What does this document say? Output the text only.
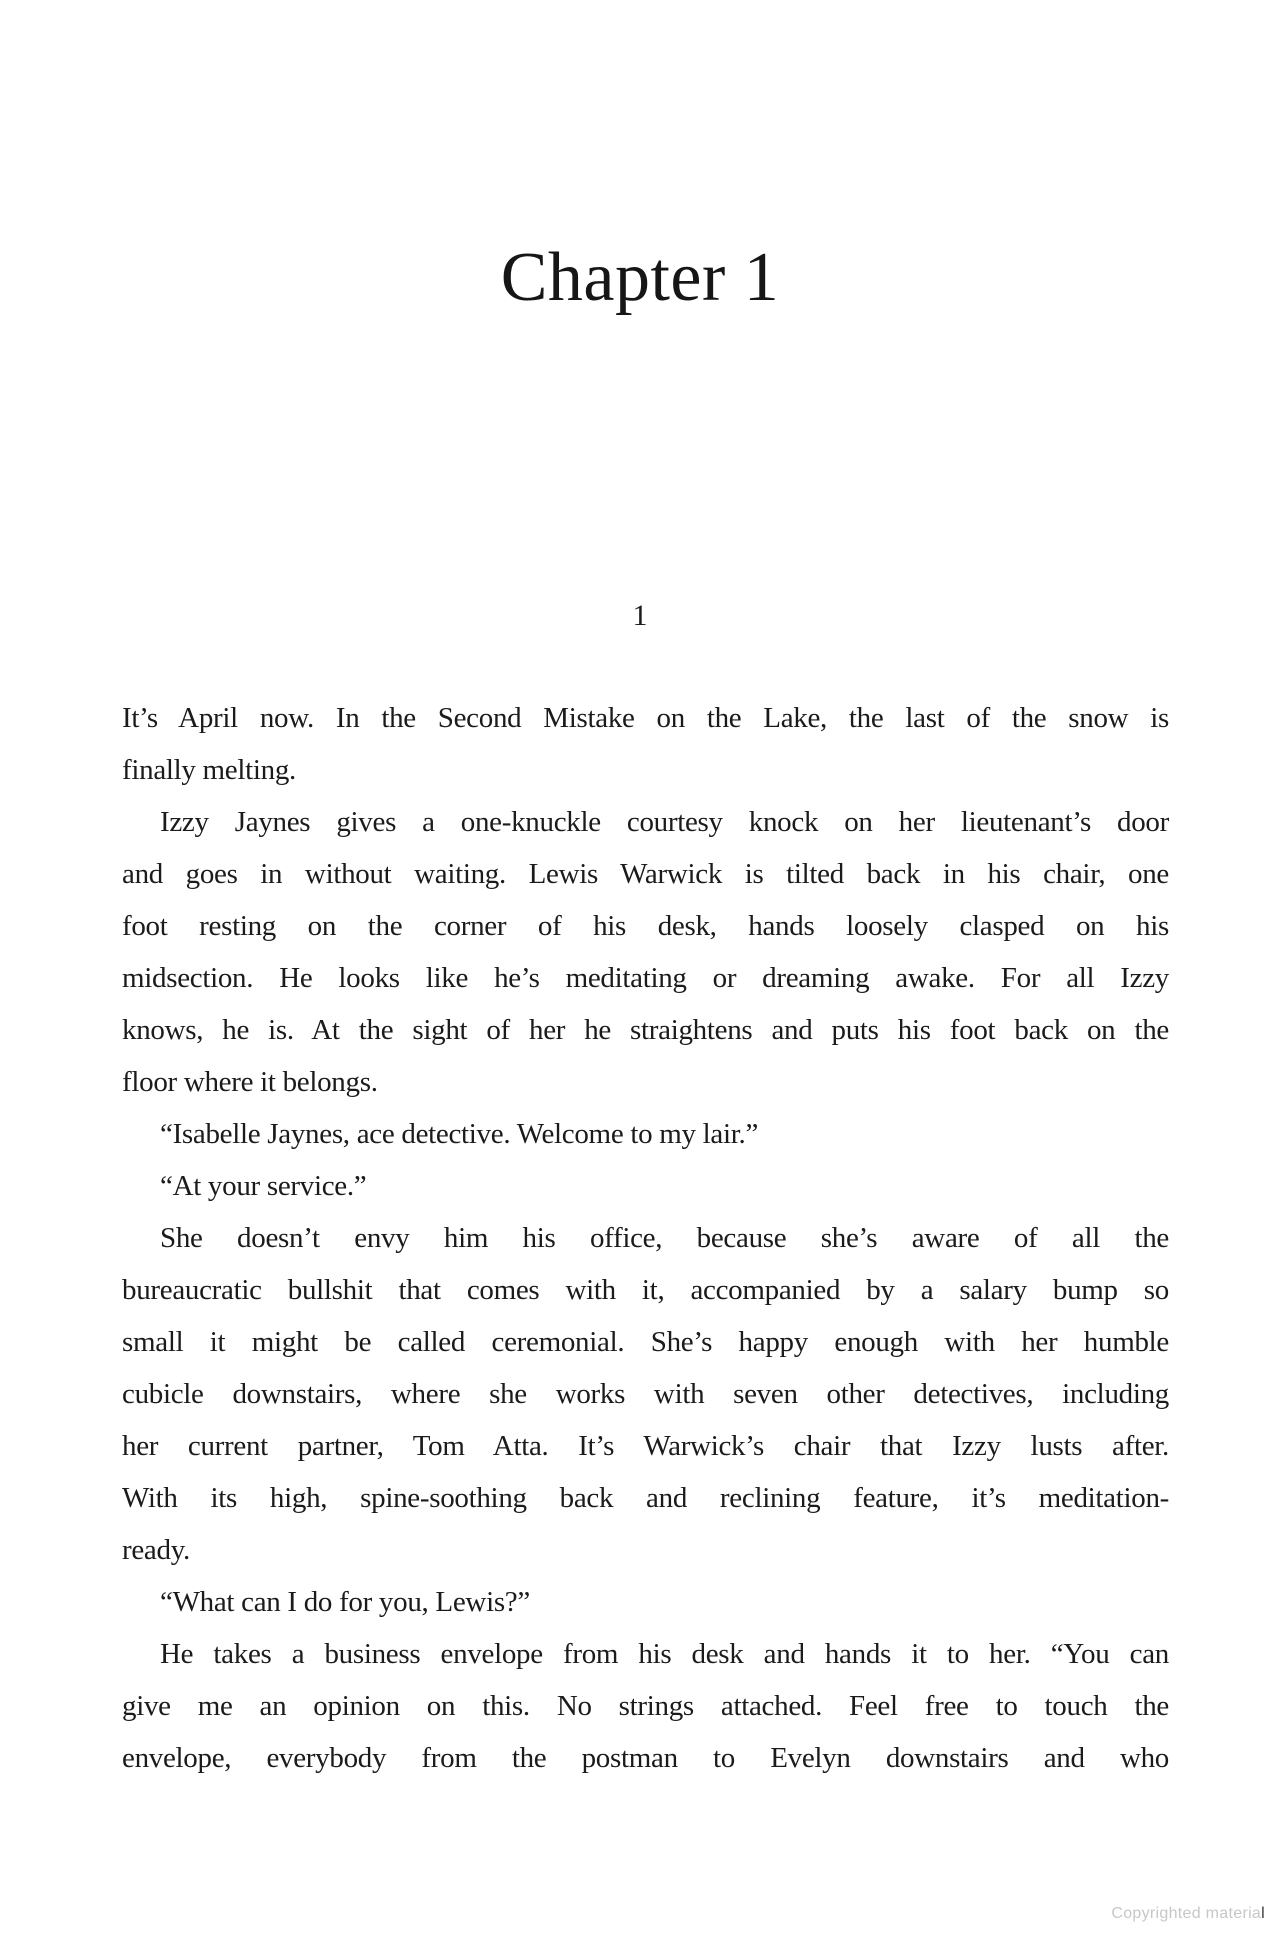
Chapter 1
1
It’s April now. In the Second Mistake on the Lake, the last of the snow is
finally melting.
Izzy Jaynes gives a one-knuckle courtesy knock on her lieutenant’s door
and goes in without waiting. Lewis Warwick is tilted back in his chair, one
foot resting on the corner of his desk, hands loosely clasped on his
midsection. He looks like he’s meditating or dreaming awake. For all Izzy
knows, he is. At the sight of her he straightens and puts his foot back on the
floor where it belongs.
“Isabelle Jaynes, ace detective. Welcome to my lair.”
“At your service.”
She doesn’t envy him his office, because she’s aware of all the
bureaucratic bullshit that comes with it, accompanied by a salary bump so
small it might be called ceremonial. She’s happy enough with her humble
cubicle downstairs, where she works with seven other detectives, including
her current partner, Tom Atta. It’s Warwick’s chair that Izzy lusts after.
With its high, spine-soothing back and reclining feature, it’s meditation-
ready.
“What can I do for you, Lewis?”
He takes a business envelope from his desk and hands it to her. “You can
give me an opinion on this. No strings attached. Feel free to touch the
envelope, everybody from the postman to Evelyn downstairs and who
Copyrighted material
